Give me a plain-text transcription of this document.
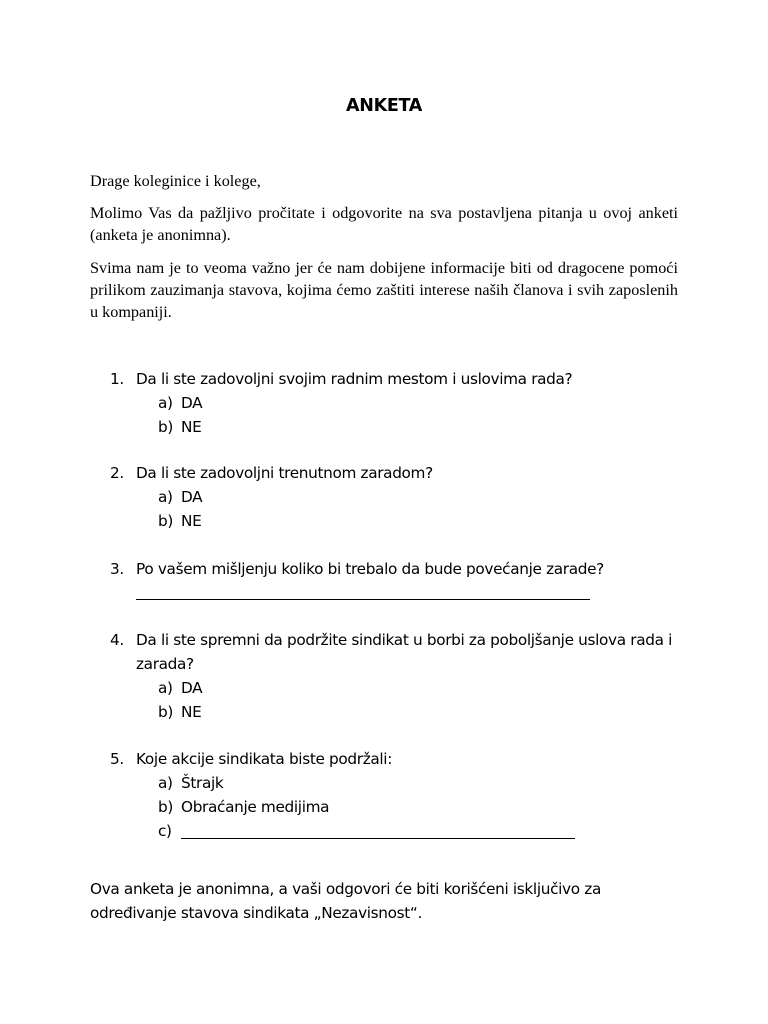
ANKETA

Drage koleginice i kolege,

Molimo Vas da pažljivo pročitate i odgovorite na sva postavljena pitanja u ovoj anketi (anketa je anonimna).

Svima nam je to veoma važno jer će nam dobijene informacije biti od dragocene pomoći prilikom zauzimanja stavova, kojima ćemo zaštiti interese naših članova i svih zaposlenih u kompaniji.

1. Da li ste zadovoljni svojim radnim mestom i uslovima rada?
a) DA
b) NE
2. Da li ste zadovoljni trenutnom zaradom?
a) DA
b) NE
3. Po vašem mišljenju koliko bi trebalo da bude povećanje zarade?
4. Da li ste spremni da podržite sindikat u borbi za poboljšanje uslova rada i
zarada?
a) DA
b) NE
5. Koje akcije sindikata biste podržali:
a) Štrajk
b) Obraćanje medijima
c)

Ova anketa je anonimna, a vaši odgovori će biti korišćeni isključivo za određivanje stavova sindikata „Nezavisnost“.
